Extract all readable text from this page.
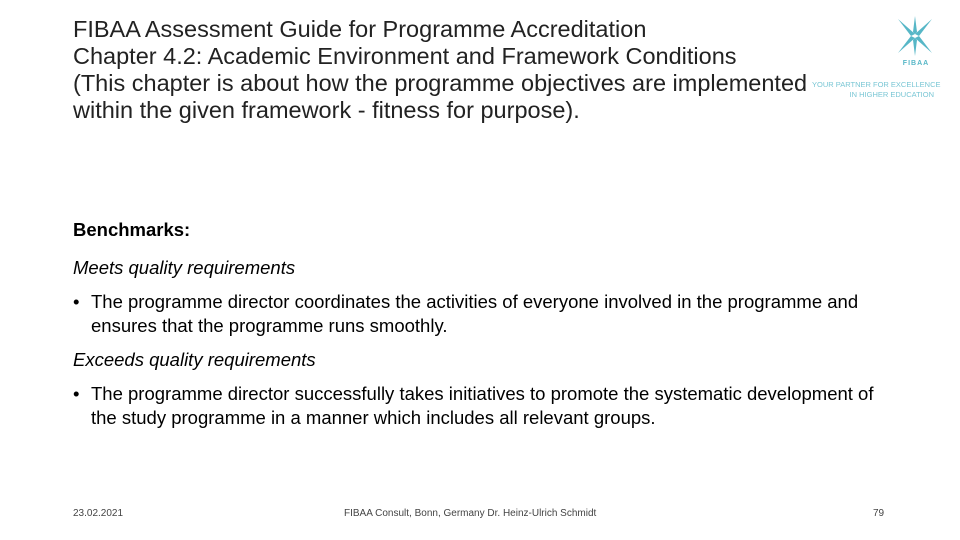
FIBAA Assessment Guide for Programme Accreditation
Chapter 4.2: Academic Environment and Framework Conditions
(This chapter is about how the programme objectives are implemented
within the given framework - fitness for purpose).
FIBAA
YOUR PARTNER FOR EXCELLENCE
IN HIGHER EDUCATION
Benchmarks:
Meets quality requirements
• The programme director coordinates the activities of everyone involved in the programme and ensures that the programme runs smoothly.
Exceeds quality requirements
• The programme director successfully takes initiatives to promote the systematic development of the study programme in a manner which includes all relevant groups.
23.02.2021	FIBAA Consult, Bonn, Germany Dr. Heinz-Ulrich Schmidt	79
